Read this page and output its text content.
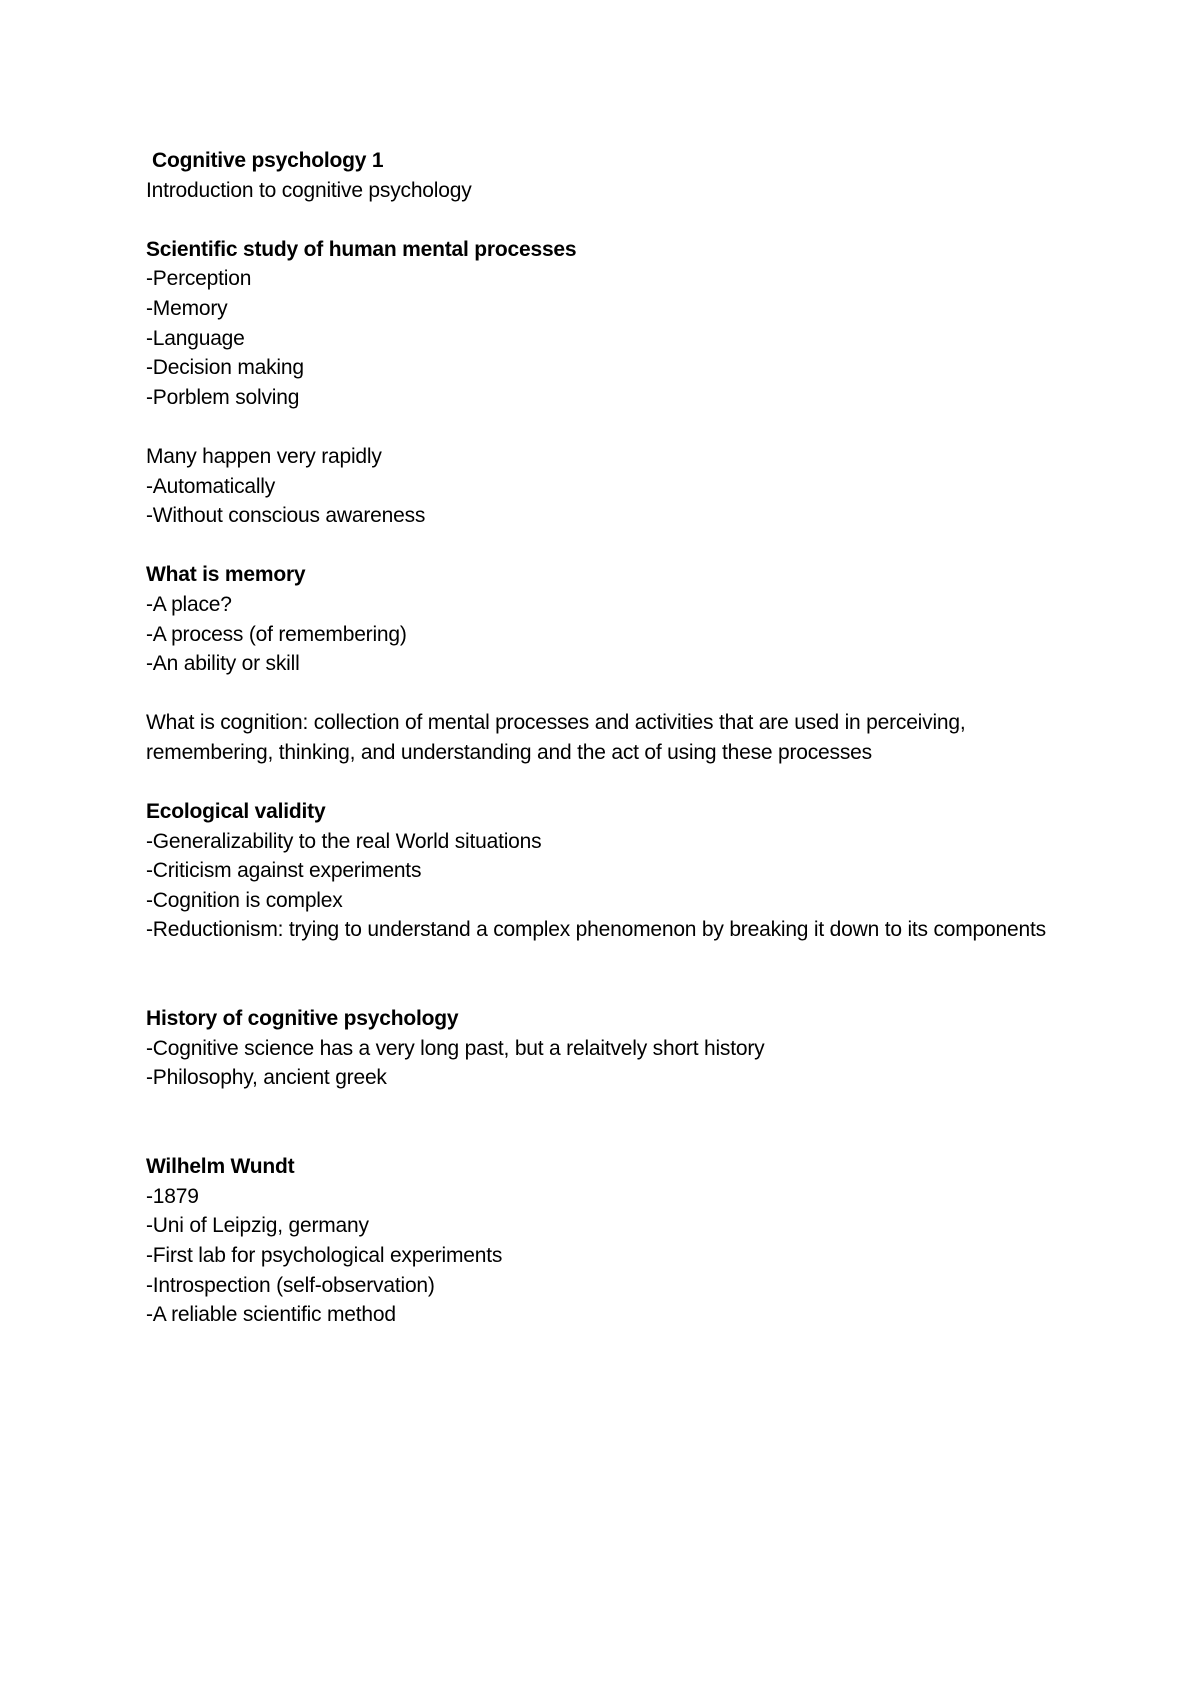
Cognitive psychology 1
Introduction to cognitive psychology
Scientific study of human mental processes
-Perception
-Memory
-Language
-Decision making
-Porblem solving
Many happen very rapidly
-Automatically
-Without conscious awareness
What is memory
-A place?
-A process (of remembering)
-An ability or skill
What is cognition: collection of mental processes and activities that are used in perceiving, remembering, thinking, and understanding and the act of using these processes
Ecological validity
-Generalizability to the real World situations
-Criticism against experiments
-Cognition is complex
-Reductionism: trying to understand a complex phenomenon by breaking it down to its components
History of cognitive psychology
-Cognitive science has a very long past, but a relaitvely short history
-Philosophy, ancient greek
Wilhelm Wundt
-1879
-Uni of Leipzig, germany
-First lab for psychological experiments
-Introspection (self-observation)
-A reliable scientific method
